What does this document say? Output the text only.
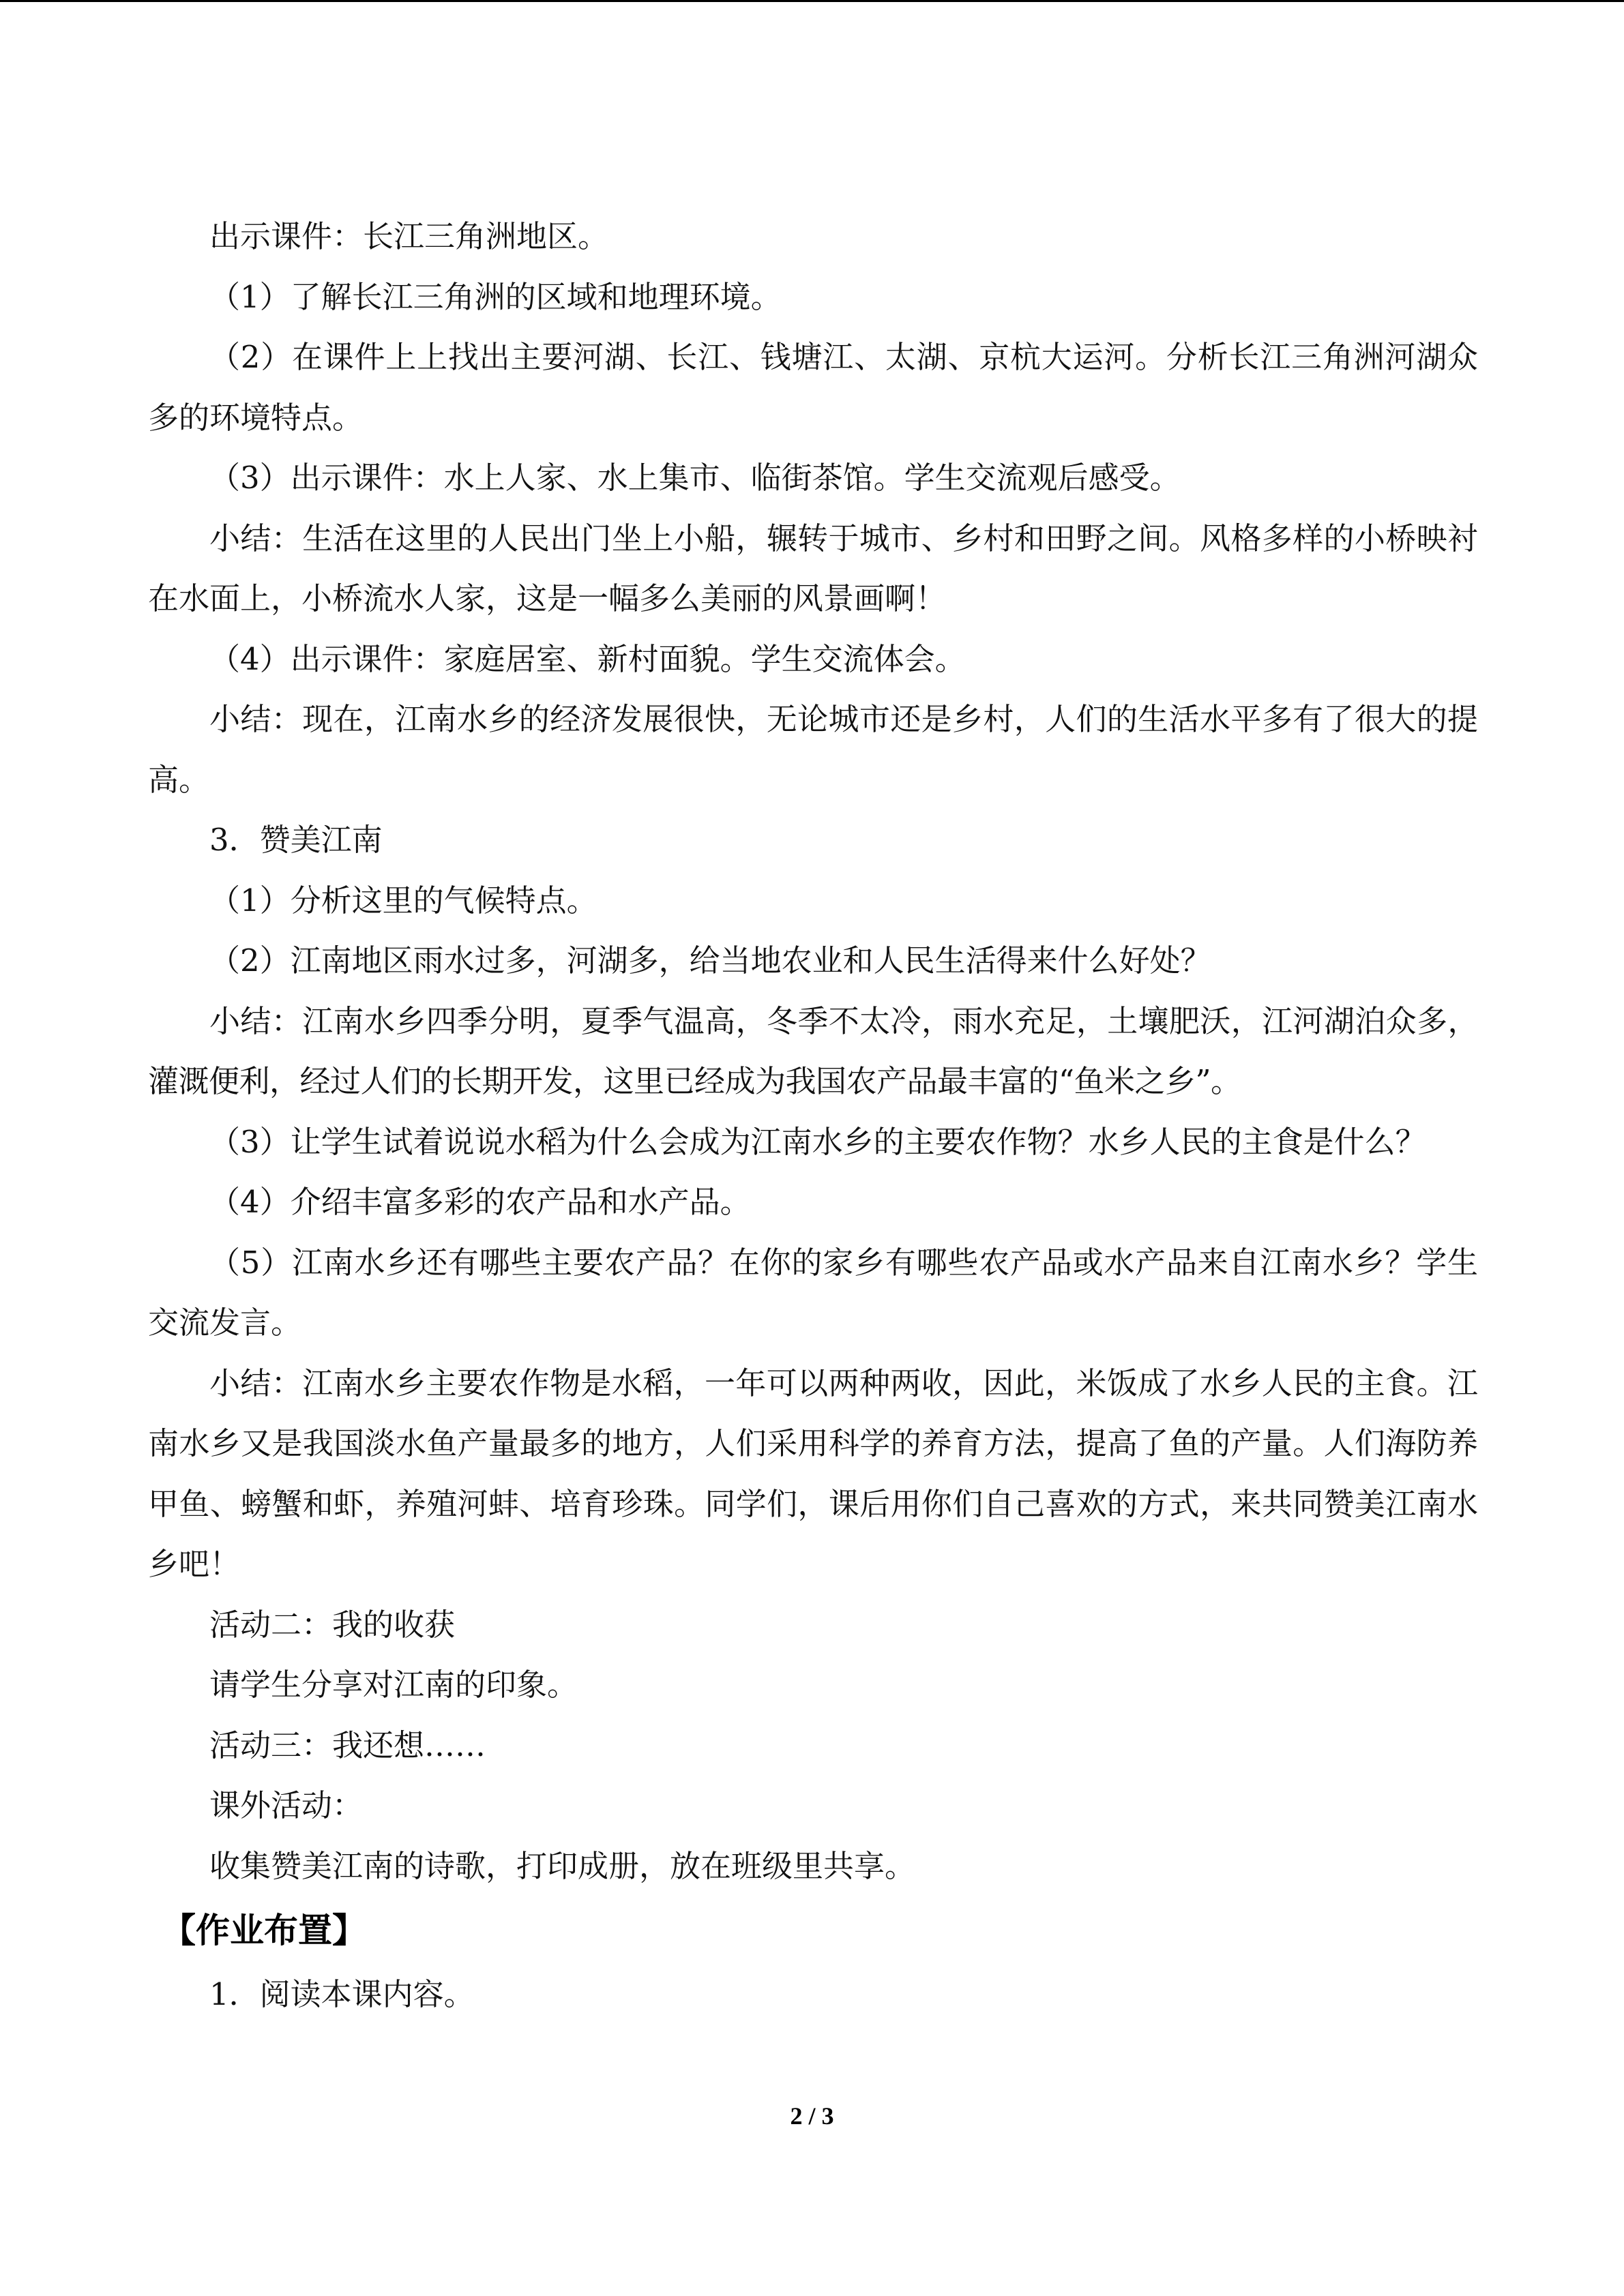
出示课件：长江三角洲地区。

（1）了解长江三角洲的区域和地理环境。

（2）在课件上上找出主要河湖、长江、钱塘江、太湖、京杭大运河。分析长江三角洲河湖众多的环境特点。

（3）出示课件：水上人家、水上集市、临街茶馆。学生交流观后感受。

小结：生活在这里的人民出门坐上小船，辗转于城市、乡村和田野之间。风格多样的小桥映衬在水面上，小桥流水人家，这是一幅多么美丽的风景画啊！

（4）出示课件：家庭居室、新村面貌。学生交流体会。

小结：现在，江南水乡的经济发展很快，无论城市还是乡村，人们的生活水平多有了很大的提高。

3．赞美江南

（1）分析这里的气候特点。

（2）江南地区雨水过多，河湖多，给当地农业和人民生活得来什么好处？

小结：江南水乡四季分明，夏季气温高，冬季不太冷，雨水充足，土壤肥沃，江河湖泊众多，灌溉便利，经过人们的长期开发，这里已经成为我国农产品最丰富的“鱼米之乡”。

（3）让学生试着说说水稻为什么会成为江南水乡的主要农作物？水乡人民的主食是什么？

（4）介绍丰富多彩的农产品和水产品。

（5）江南水乡还有哪些主要农产品？在你的家乡有哪些农产品或水产品来自江南水乡？学生交流发言。

小结：江南水乡主要农作物是水稻，一年可以两种两收，因此，米饭成了水乡人民的主食。江南水乡又是我国淡水鱼产量最多的地方，人们采用科学的养育方法，提高了鱼的产量。人们海防养甲鱼、螃蟹和虾，养殖河蚌、培育珍珠。同学们，课后用你们自己喜欢的方式，来共同赞美江南水乡吧！

活动二：我的收获

请学生分享对江南的印象。

活动三：我还想……

课外活动：

收集赞美江南的诗歌，打印成册，放在班级里共享。

【作业布置】

1．阅读本课内容。

2 / 3
